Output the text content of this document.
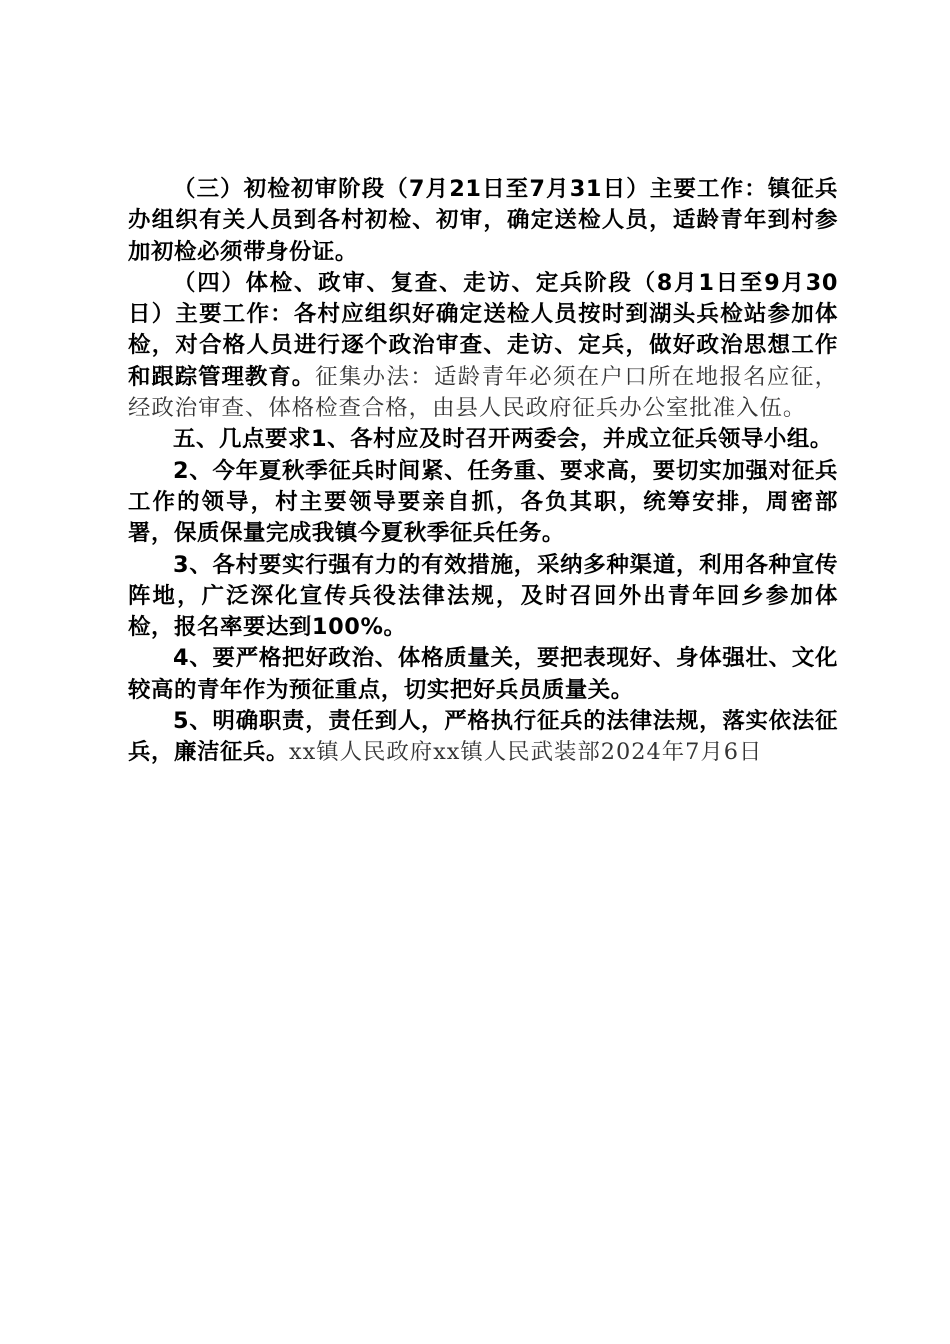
（三）初检初审阶段（7月21日至7月31日）主要工作：镇征兵办组织有关人员到各村初检、初审，确定送检人员，适龄青年到村参加初检必须带身份证。

（四）体检、政审、复查、走访、定兵阶段（8月1日至9月30日）主要工作：各村应组织好确定送检人员按时到湖头兵检站参加体检，对合格人员进行逐个政治审查、走访、定兵，做好政治思想工作和跟踪管理教育。征集办法：适龄青年必须在户口所在地报名应征，经政治审查、体格检查合格，由县人民政府征兵办公室批准入伍。

五、几点要求1、各村应及时召开两委会，并成立征兵领导小组。

2、今年夏秋季征兵时间紧、任务重、要求高，要切实加强对征兵工作的领导，村主要领导要亲自抓，各负其职，统筹安排，周密部署，保质保量完成我镇今夏秋季征兵任务。

3、各村要实行强有力的有效措施，采纳多种渠道，利用各种宣传阵地，广泛深化宣传兵役法律法规，及时召回外出青年回乡参加体检，报名率要达到100%。

4、要严格把好政治、体格质量关，要把表现好、身体强壮、文化较高的青年作为预征重点，切实把好兵员质量关。

5、明确职责，责任到人，严格执行征兵的法律法规，落实依法征兵，廉洁征兵。xx镇人民政府xx镇人民武装部2024年7月6日
